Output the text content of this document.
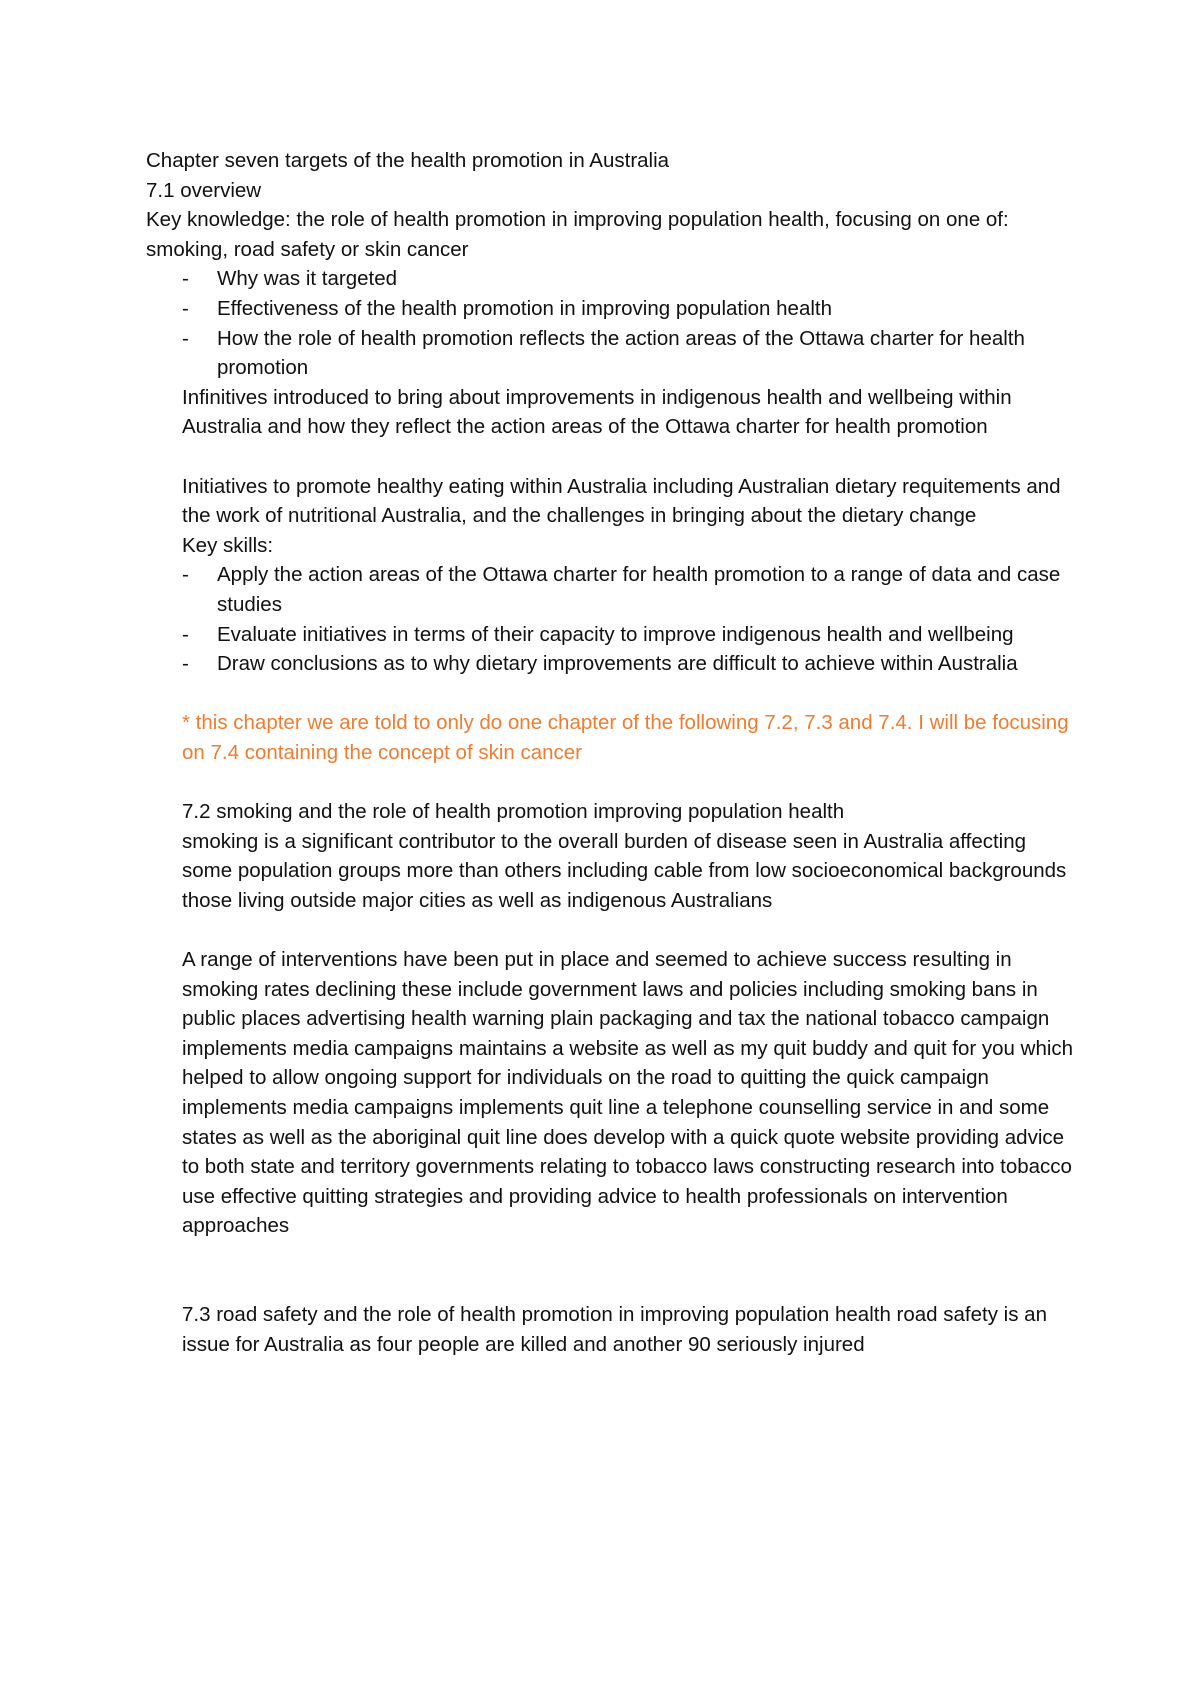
Chapter seven targets of the health promotion in Australia

7.1 overview

Key knowledge: the role of health promotion in improving population health, focusing on one of: smoking, road safety or skin cancer

- Why was it targeted
- Effectiveness of the health promotion in improving population health
- How the role of health promotion reflects the action areas of the Ottawa charter for health promotion

Infinitives introduced to bring about improvements in indigenous health and wellbeing within Australia and how they reflect the action areas of the Ottawa charter for health promotion

Initiatives to promote healthy eating within Australia including Australian dietary requitements and the work of nutritional Australia, and the challenges in bringing about the dietary change

Key skills:

- Apply the action areas of the Ottawa charter for health promotion to a range of data and case studies
- Evaluate initiatives in terms of their capacity to improve indigenous health and wellbeing
- Draw conclusions as to why dietary improvements are difficult to achieve within Australia

* this chapter we are told to only do one chapter of the following 7.2, 7.3 and 7.4. I will be focusing on 7.4 containing the concept of skin cancer

7.2 smoking and the role of health promotion improving population health

smoking is a significant contributor to the overall burden of disease seen in Australia affecting some population groups more than others including cable from low socioeconomical backgrounds those living outside major cities as well as indigenous Australians

A range of interventions have been put in place and seemed to achieve success resulting in smoking rates declining these include government laws and policies including smoking bans in public places advertising health warning plain packaging and tax the national tobacco campaign implements media campaigns maintains a website as well as my quit buddy and quit for you which helped to allow ongoing support for individuals on the road to quitting the quick campaign implements media campaigns implements quit line a telephone counselling service in and some states as well as the aboriginal quit line does develop with a quick quote website providing advice to both state and territory governments relating to tobacco laws constructing research into tobacco use effective quitting strategies and providing advice to health professionals on intervention approaches

7.3 road safety and the role of health promotion in improving population health road safety is an issue for Australia as four people are killed and another 90 seriously injured
